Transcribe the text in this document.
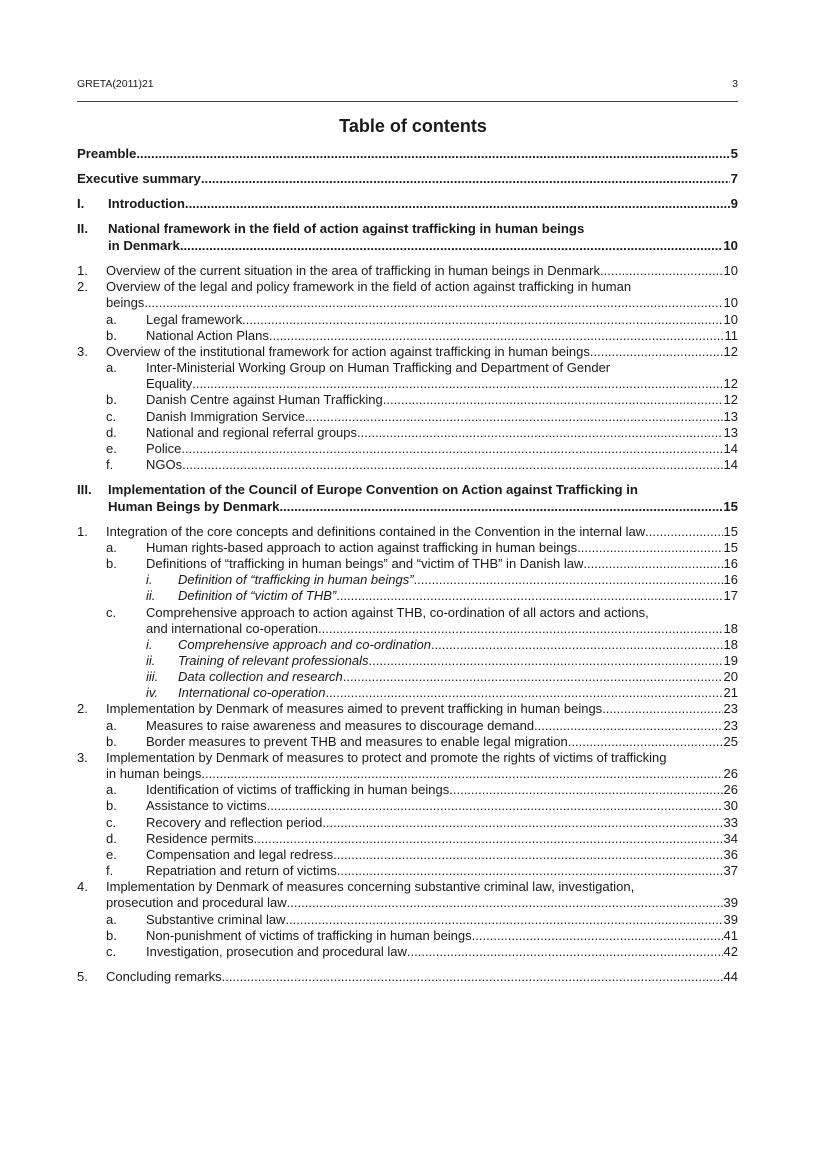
GRETA(2011)21	3
Table of contents
Preamble .....	5
Executive summary .....	7
I. Introduction .....	9
II. National framework in the field of action against trafficking in human beings
in Denmark .....	10
1. Overview of the current situation in the area of trafficking in human beings in Denmark .....	10
2. Overview of the legal and policy framework in the field of action against trafficking in human
beings .....	10
a. Legal framework .....	10
b. National Action Plans .....	11
3. Overview of the institutional framework for action against trafficking in human beings .....	12
a. Inter-Ministerial Working Group on Human Trafficking and Department of Gender
Equality .....	12
b. Danish Centre against Human Trafficking .....	12
c. Danish Immigration Service .....	13
d. National and regional referral groups .....	13
e. Police .....	14
f.	NGOs .....	14
III. Implementation of the Council of Europe Convention on Action against Trafficking in
Human Beings by Denmark .....	15
1. Integration of the core concepts and definitions contained in the Convention in the internal law .....	15
a. Human rights-based approach to action against trafficking in human beings .....	15
b. Definitions of “trafficking in human beings” and “victim of THB” in Danish law .....	16
i. Definition of “trafficking in human beings” .....	16
ii. Definition of “victim of THB” .....	17
c. Comprehensive approach to action against THB, co-ordination of all actors and actions,
and international co-operation .....	18
i. Comprehensive approach and co-ordination .....	18
ii. Training of relevant professionals .....	19
iii. Data collection and research .....	20
iv. International co-operation .....	21
2. Implementation by Denmark of measures aimed to prevent trafficking in human beings .....	23
a. Measures to raise awareness and measures to discourage demand .....	23
b. Border measures to prevent THB and measures to enable legal migration .....	25
3. Implementation by Denmark of measures to protect and promote the rights of victims of trafficking
in human beings .....	26
a. Identification of victims of trafficking in human beings .....	26
b. Assistance to victims .....	30
c. Recovery and reflection period .....	33
d. Residence permits .....	34
e. Compensation and legal redress .....	36
f.	Repatriation and return of victims .....	37
4. Implementation by Denmark of measures concerning substantive criminal law, investigation,
prosecution and procedural law .....	39
a. Substantive criminal law .....	39
b. Non-punishment of victims of trafficking in human beings .....	41
c. Investigation, prosecution and procedural law .....	42
5. Concluding remarks .....	44
